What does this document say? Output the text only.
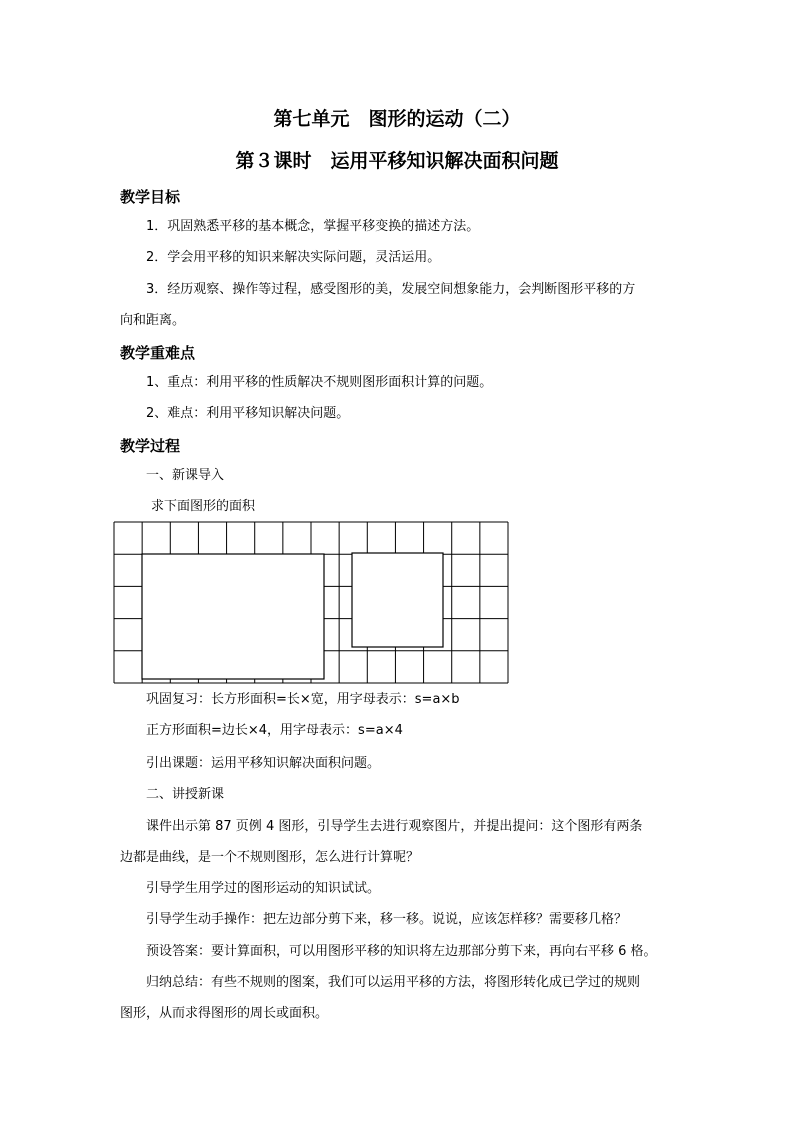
第七单元　图形的运动（二）
第３课时　运用平移知识解决面积问题
教学目标
1．巩固熟悉平移的基本概念，掌握平移变换的描述方法。
2．学会用平移的知识来解决实际问题，灵活运用。
3．经历观察、操作等过程，感受图形的美，发展空间想象能力，会判断图形平移的方
向和距离。
教学重难点
1、重点：利用平移的性质解决不规则图形面积计算的问题。
2、难点：利用平移知识解决问题。
教学过程
一、新课导入
求下面图形的面积
巩固复习：长方形面积=长×宽，用字母表示：s=a×b
正方形面积=边长×4，用字母表示：s=a×4
引出课题：运用平移知识解决面积问题。
二、讲授新课
课件出示第 87 页例 4 图形，引导学生去进行观察图片，并提出提问：这个图形有两条
边都是曲线，是一个不规则图形，怎么进行计算呢？
引导学生用学过的图形运动的知识试试。
引导学生动手操作：把左边部分剪下来，移一移。说说，应该怎样移？需要移几格？
预设答案：要计算面积，可以用图形平移的知识将左边那部分剪下来，再向右平移 6 格。
归纳总结：有些不规则的图案，我们可以运用平移的方法，将图形转化成已学过的规则
图形，从而求得图形的周长或面积。
